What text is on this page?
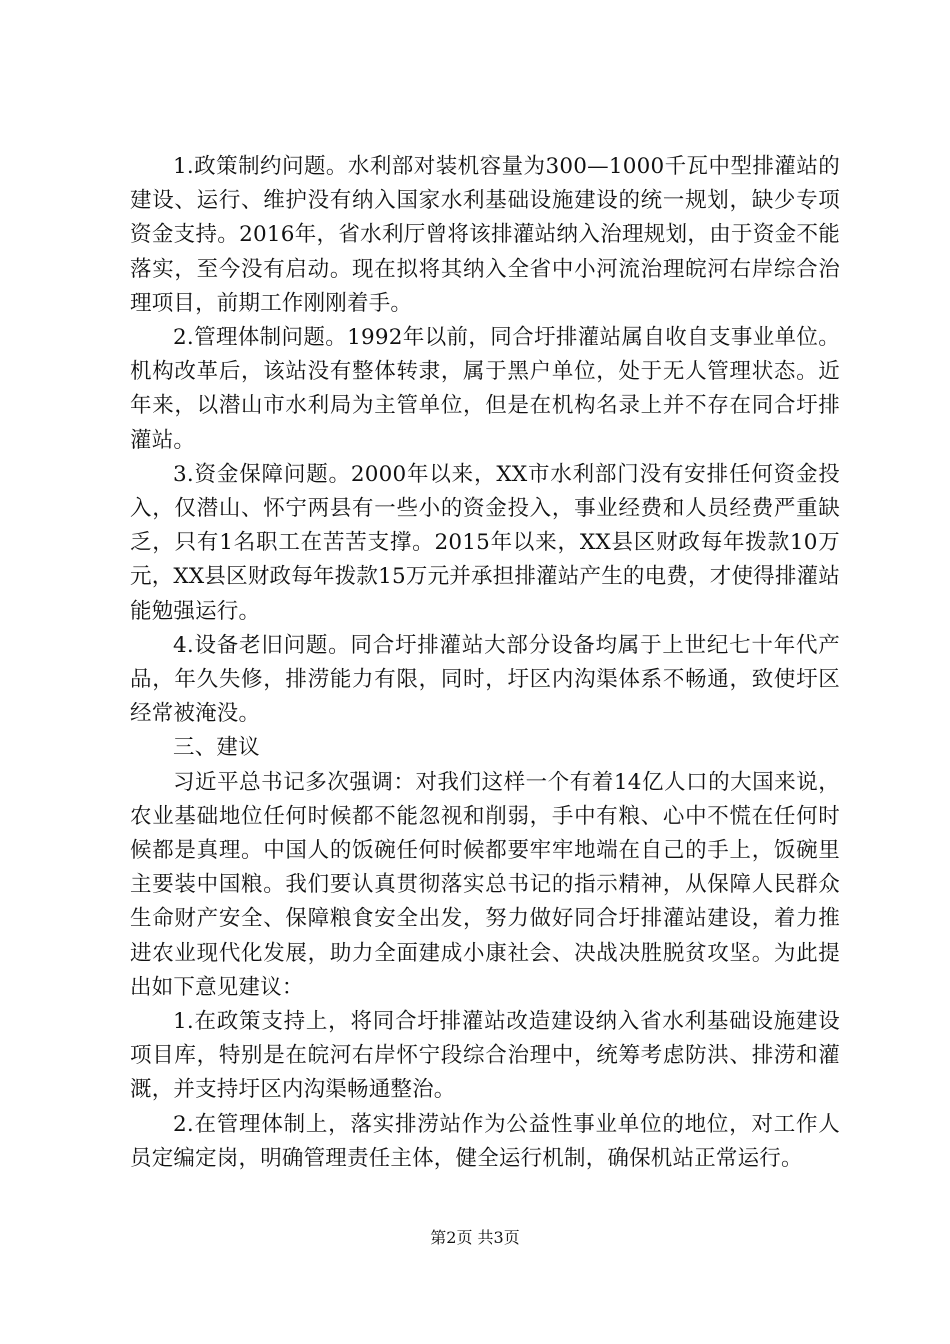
1.政策制约问题。水利部对装机容量为300—1000千瓦中型排灌站的建设、运行、维护没有纳入国家水利基础设施建设的统一规划，缺少专项资金支持。2016年，省水利厅曾将该排灌站纳入治理规划，由于资金不能落实，至今没有启动。现在拟将其纳入全省中小河流治理皖河右岸综合治理项目，前期工作刚刚着手。

2.管理体制问题。1992年以前，同合圩排灌站属自收自支事业单位。机构改革后，该站没有整体转隶，属于黑户单位，处于无人管理状态。近年来，以潜山市水利局为主管单位，但是在机构名录上并不存在同合圩排灌站。

3.资金保障问题。2000年以来，XX市水利部门没有安排任何资金投入，仅潜山、怀宁两县有一些小的资金投入，事业经费和人员经费严重缺乏，只有1名职工在苦苦支撑。2015年以来，XX县区财政每年拨款10万元，XX县区财政每年拨款15万元并承担排灌站产生的电费，才使得排灌站能勉强运行。

4.设备老旧问题。同合圩排灌站大部分设备均属于上世纪七十年代产品，年久失修，排涝能力有限，同时，圩区内沟渠体系不畅通，致使圩区经常被淹没。

三、建议

习近平总书记多次强调：对我们这样一个有着14亿人口的大国来说，农业基础地位任何时候都不能忽视和削弱，手中有粮、心中不慌在任何时候都是真理。中国人的饭碗任何时候都要牢牢地端在自己的手上，饭碗里主要装中国粮。我们要认真贯彻落实总书记的指示精神，从保障人民群众生命财产安全、保障粮食安全出发，努力做好同合圩排灌站建设，着力推进农业现代化发展，助力全面建成小康社会、决战决胜脱贫攻坚。为此提出如下意见建议：

1.在政策支持上，将同合圩排灌站改造建设纳入省水利基础设施建设项目库，特别是在皖河右岸怀宁段综合治理中，统筹考虑防洪、排涝和灌溉，并支持圩区内沟渠畅通整治。

2.在管理体制上，落实排涝站作为公益性事业单位的地位，对工作人员定编定岗，明确管理责任主体，健全运行机制，确保机站正常运行。

第2页 共3页
